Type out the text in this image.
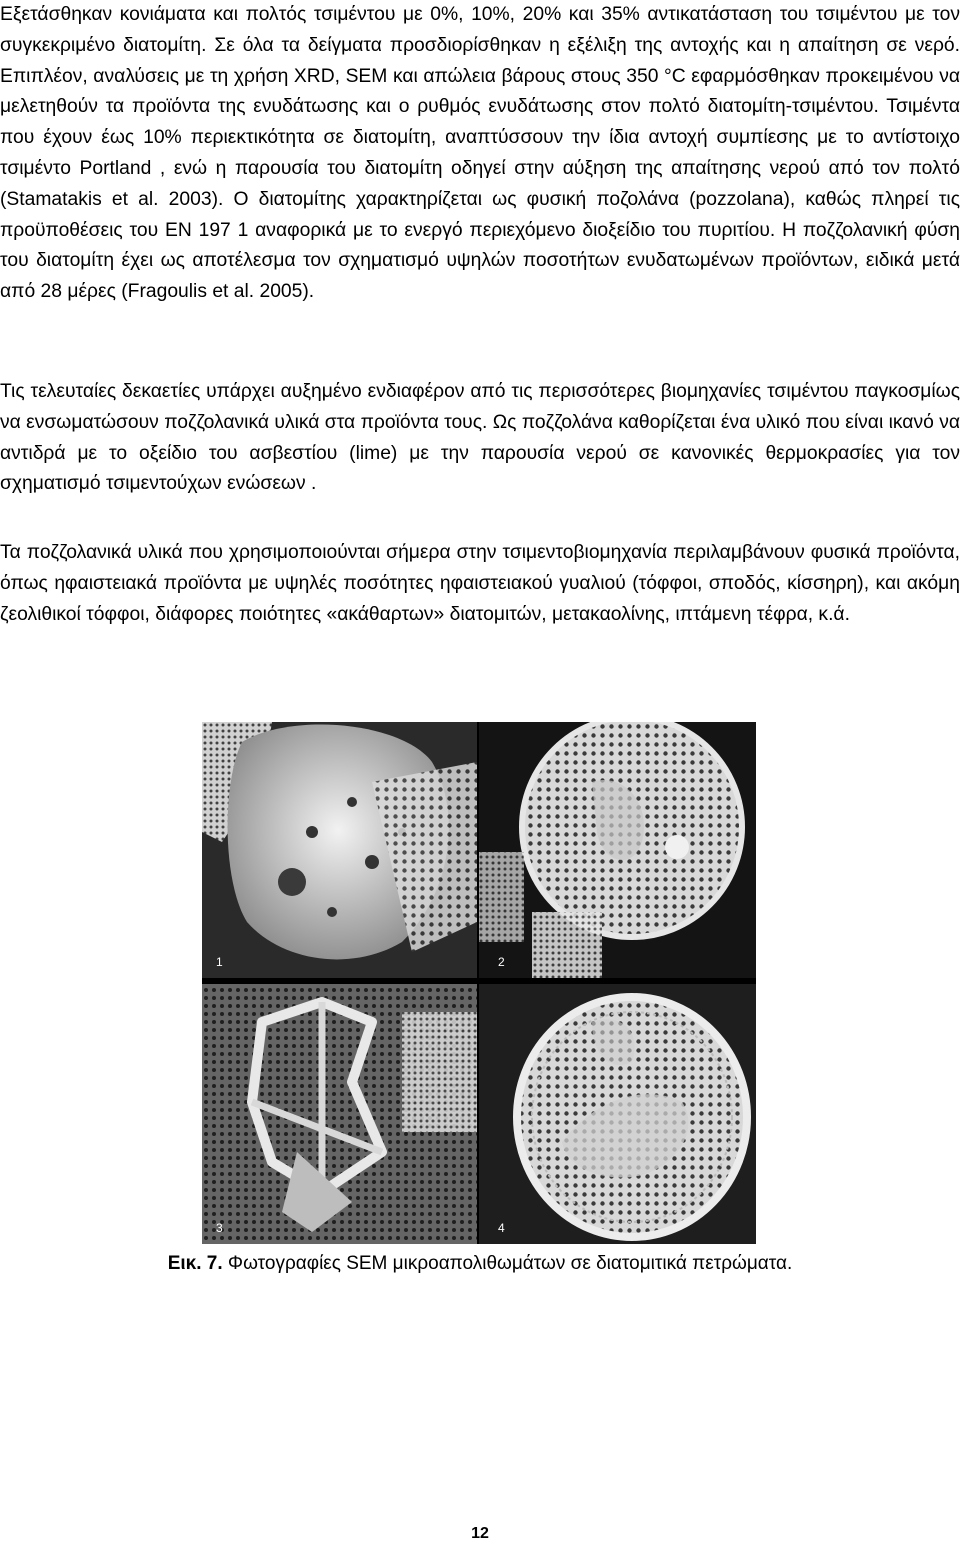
Εξετάσθηκαν κονιάματα και πολτός τσιμέντου με 0%, 10%, 20% και 35% αντικατάσταση του τσιμέντου με τον συγκεκριμένο διατομίτη. Σε όλα τα δείγματα προσδιορίσθηκαν η εξέλιξη της αντοχής και η απαίτηση σε νερό. Επιπλέον, αναλύσεις με τη χρήση XRD, SEM και απώλεια βάρους στους 350 °C εφαρμόσθηκαν προκειμένου να μελετηθούν τα προϊόντα της ενυδάτωσης και ο ρυθμός ενυδάτωσης στον πολτό διατομίτη-τσιμέντου. Τσιμέντα που έχουν έως 10% περιεκτικότητα σε διατομίτη, αναπτύσσουν την ίδια αντοχή συμπίεσης με το αντίστοιχο τσιμέντο Portland , ενώ η παρουσία του διατομίτη οδηγεί στην αύξηση της απαίτησης νερού από τον πολτό (Stamatakis et al. 2003). Ο διατομίτης χαρακτηρίζεται ως φυσική ποζολάνα (pozzolana), καθώς πληρεί τις προϋποθέσεις του EN 197 1 αναφορικά με το ενεργό περιεχόμενο διοξείδιο του πυριτίου. Η ποζζολανική φύση του διατομίτη έχει ως αποτέλεσμα τον σχηματισμό υψηλών ποσοτήτων ενυδατωμένων προϊόντων, ειδικά μετά από 28 μέρες (Fragoulis et al. 2005).

Τις τελευταίες δεκαετίες υπάρχει αυξημένο ενδιαφέρον από τις περισσότερες βιομηχανίες τσιμέντου παγκοσμίως να ενσωματώσουν ποζζολανικά υλικά στα προϊόντα τους. Ως ποζζολάνα καθορίζεται ένα υλικό που είναι ικανό να αντιδρά με το οξείδιο του ασβεστίου (lime) με την παρουσία νερού σε κανονικές θερμοκρασίες για τον σχηματισμό τσιμεντούχων ενώσεων .

Τα ποζζολανικά υλικά που χρησιμοποιούνται σήμερα στην τσιμεντοβιομηχανία περιλαμβάνουν φυσικά προϊόντα, όπως ηφαιστειακά προϊόντα με υψηλές ποσότητες ηφαιστειακού γυαλιού (τόφφοι, σποδός, κίσσηρη), και ακόμη ζεολιθικοί τόφφοι, διάφορες ποιότητες «ακάθαρτων» διατομιτών, μετακαολίνης, ιπτάμενη τέφρα, κ.ά.

1	2
3	4
Εικ. 7. Φωτογραφίες SEM μικροαπολιθωμάτων σε διατομιτικά πετρώματα.
12
